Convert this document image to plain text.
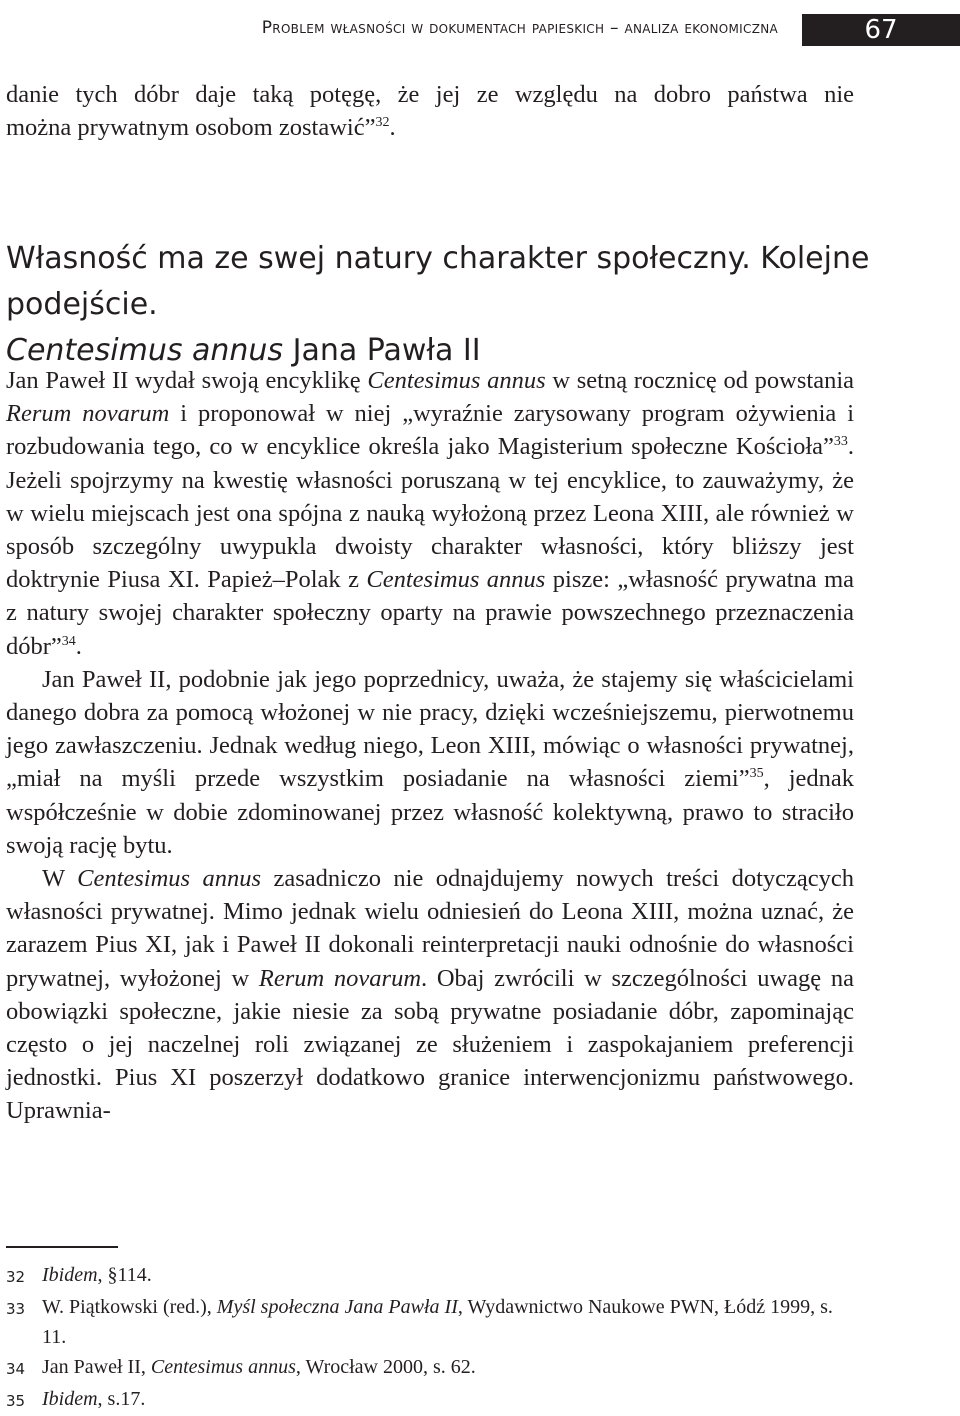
Problem własności w dokumentach papieskich – analiza ekonomiczna	67

danie tych dóbr daje taką potęgę, że jej ze względu na dobro państwa nie

można prywatnym osobom zostawić”$^{32}$.

Własność ma ze swej natury charakter społeczny. Kolejne podejście.
Centesimus annus Jana Pawła II

Jan Paweł II wydał swoją encyklikę Centesimus annus w setną rocznicę od powstania Rerum novarum i proponował w niej „wyraźnie zarysowany program ożywienia i rozbudowania tego, co w encyklice określa jako Magisterium społeczne Kościoła”$^{33}$. Jeżeli spojrzymy na kwestię własności poruszaną w tej encyklice, to zauważymy, że w wielu miejscach jest ona spójna z nauką wyłożoną przez Leona XIII, ale również w sposób szczególny uwypukla dwoisty charakter własności, który bliższy jest doktrynie Piusa XI. Papież–Polak z Centesimus annus pisze: „własność prywatna ma z natury swojej charakter społeczny oparty na prawie powszechnego przeznaczenia dóbr”$^{34}$.

Jan Paweł II, podobnie jak jego poprzednicy, uważa, że stajemy się właścicielami danego dobra za pomocą włożonej w nie pracy, dzięki wcześniejszemu, pierwotnemu jego zawłaszczeniu. Jednak według niego, Leon XIII, mówiąc o własności prywatnej, „miał na myśli przede wszystkim posiadanie na własności ziemi”$^{35}$, jednak współcześnie w dobie zdominowanej przez własność kolektywną, prawo to straciło swoją rację bytu.

W Centesimus annus zasadniczo nie odnajdujemy nowych treści dotyczących własności prywatnej. Mimo jednak wielu odniesień do Leona XIII, można uznać, że zarazem Pius XI, jak i Paweł II dokonali reinterpretacji nauki odnośnie do własności prywatnej, wyłożonej w Rerum novarum. Obaj zwrócili w szczególności uwagę na obowiązki społeczne, jakie niesie za sobą prywatne posiadanie dóbr, zapominając często o jej naczelnej roli związanej ze służeniem i zaspokajaniem preferencji jednostki. Pius XI poszerzył dodatkowo granice interwencjonizmu państwowego. Uprawnia-

32 Ibidem, §114.
33 W. Piątkowski (red.), Myśl społeczna Jana Pawła II, Wydawnictwo Naukowe PWN, Łódź 1999, s. 11.
34 Jan Paweł II, Centesimus annus, Wrocław 2000, s. 62.
35 Ibidem, s.17.
